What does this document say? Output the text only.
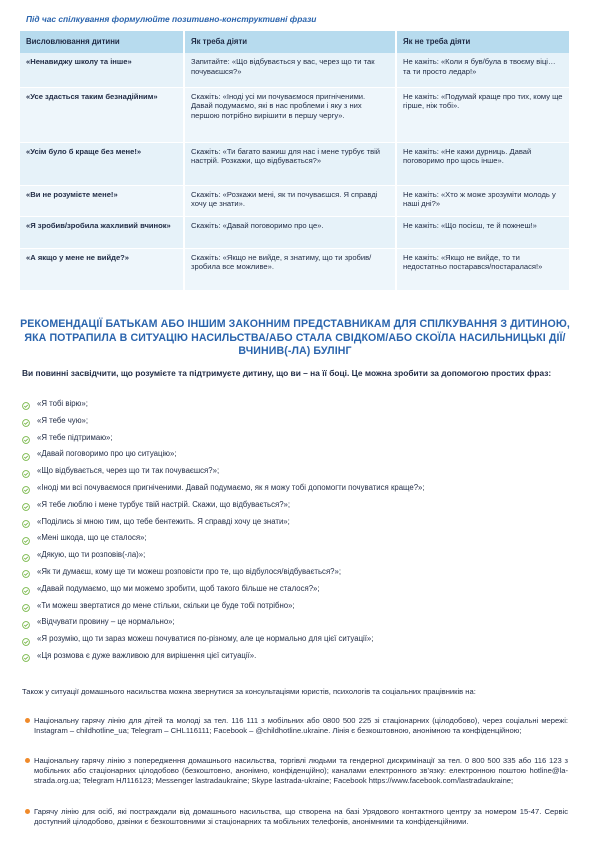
Під час спілкування формулюйте позитивно-конструктивні фрази
Висловлювання дитини	Як треба діяти	Як не треба діяти
«Ненавиджу школу та інше»	Запитайте: «Що відбувається у вас, через що ти так почуваєшся?»	Не кажіть: «Коли я був/була в твоєму віці… та ти просто ледар!»
«Усе здасться таким безнадійним»	Скажіть: «Іноді усі ми почуваємося пригніченими. Давай подумаємо, які в нас проблеми і яку з них першою потрібно вирішити в першу чергу».	Не кажіть: «Подумай краще про тих, кому ще гірше, ніж тобі».
«Усім було б краще без мене!»	Скажіть: «Ти багато важиш для нас і мене турбує твій настрій. Розкажи, що відбувається?»	Не кажіть: «Не кажи дурниць. Давай поговоримо про щось інше».
«Ви не розумієте мене!»	Скажіть: «Розкажи мені, як ти почуваєшся. Я справді хочу це знати».	Не кажіть: «Хто ж може зрозуміти молодь у наші дні?»
«Я зробив/зробила жахливий вчинок»	Скажіть: «Давай поговоримо про це».	Не кажіть: «Що посієш, те й пожнеш!»
«А якщо у мене не вийде?»	Скажіть: «Якщо не вийде, я знатиму, що ти зробив/зробила все можливе».	Не кажіть: «Якщо не вийде, то ти недостатньо постарався/постаралася!»
РЕКОМЕНДАЦІЇ БАТЬКАМ АБО ІНШИМ ЗАКОННИМ ПРЕДСТАВНИКАМ ДЛЯ СПІЛКУВАННЯ З ДИТИНОЮ, ЯКА ПОТРАПИЛА В СИТУАЦІЮ НАСИЛЬСТВА/АБО СТАЛА СВІДКОМ/АБО СКОЇЛА НАСИЛЬНИЦЬКІ ДІЇ/ВЧИНИВ(-ЛА) БУЛІНГ
Ви повинні засвідчити, що розумієте та підтримуєте дитину, що ви – на її боці. Це можна зробити за допомогою простих фраз:
«Я тобі вірю»;
«Я тебе чую»;
«Я тебе підтримаю»;
«Давай поговоримо про цю ситуацію»;
«Що відбувається, через що ти так почуваєшся?»;
«Іноді ми всі почуваємося пригніченими. Давай подумаємо, як я можу тобі допомогти почуватися краще?»;
«Я тебе люблю і мене турбує твій настрій. Скажи, що відбувається?»;
«Поділись зі мною тим, що тебе бентежить. Я справді хочу це знати»;
«Мені шкода, що це сталося»;
«Дякую, що ти розповів(-ла)»;
«Як ти думаєш, кому ще ти можеш розповісти про те, що відбулося/відбувається?»;
«Давай подумаємо, що ми можемо зробити, щоб такого більше не сталося?»;
«Ти можеш звертатися до мене стільки, скільки це буде тобі потрібно»;
«Відчувати провину – це нормально»;
«Я розумію, що ти зараз можеш почуватися по-різному, але це нормально для цієї ситуації»;
«Ця розмова є дуже важливою для вирішення цієї ситуації».
Також у ситуації домашнього насильства можна звернутися за консультаціями юристів, психологів та соціальних працівників на:
Національну гарячу лінію для дітей та молоді за тел. 116 111 з мобільних або 0800 500 225 зі стаціонарних (цілодобово), через соціальні мережі: Instagram – childhotline_ua; Telegram – CHL116111; Facebook – @childhotline.ukraine. Лінія є безкоштовною, анонімною та конфіденційною;
Національну гарячу лінію з попередження домашнього насильства, торгівлі людьми та гендерної дискримінації за тел. 0 800 500 335 або 116 123 з мобільних або стаціонарних цілодобово (безкоштовно, анонімно, конфіденційно); каналами електронного зв’язку: електронною поштою hotline@la-strada.org.ua; Telegram НЛ116123; Messenger lastradaukraine; Skype lastrada-ukraine; Facebook https://www.facebook.com/lastradaukraine;
Гарячу лінію для осіб, які постраждали від домашнього насильства, що створена на базі Урядового контактного центру за номером 15-47. Сервіс доступний цілодобово, дзвінки є безкоштовними зі стаціонарних та мобільних телефонів, анонімними та конфіденційними.
